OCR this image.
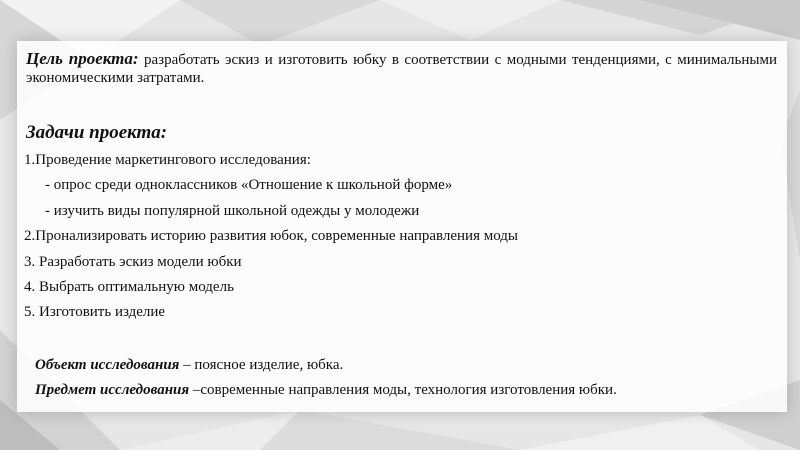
Цель проекта: разработать эскиз и изготовить юбку в соответствии с модными тенденциями, с минимальными экономическими затратами.
Задачи проекта:
1.Проведение маркетингового исследования:
- опрос среди одноклассников «Отношение к школьной форме»
- изучить виды популярной школьной одежды у молодежи
2.Пронализировать историю развития юбок, современные направления моды
3. Разработать эскиз модели юбки
4. Выбрать оптимальную модель
5. Изготовить изделие
Объект исследования – поясное изделие, юбка.
Предмет исследования –современные направления моды, технология изготовления юбки.
